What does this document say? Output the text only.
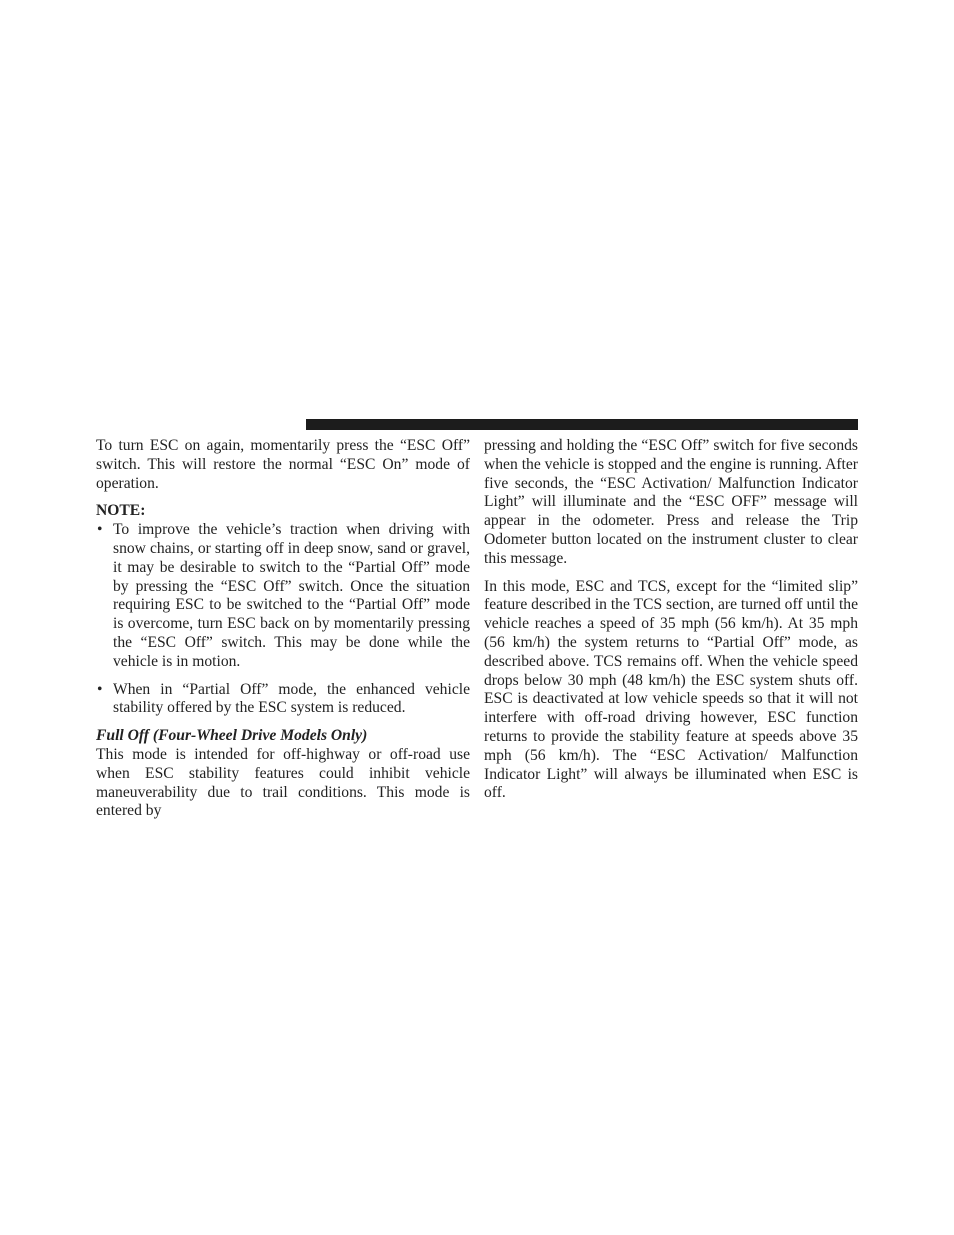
To turn ESC on again, momentarily press the “ESC Off” switch. This will restore the normal “ESC On” mode of operation.

NOTE:

• To improve the vehicle’s traction when driving with snow chains, or starting off in deep snow, sand or gravel, it may be desirable to switch to the “Partial Off” mode by pressing the “ESC Off” switch. Once the situation requiring ESC to be switched to the “Partial Off” mode is overcome, turn ESC back on by momentarily pressing the “ESC Off” switch. This may be done while the vehicle is in motion.
• When in “Partial Off” mode, the enhanced vehicle stability offered by the ESC system is reduced.

Full Off (Four-Wheel Drive Models Only)

This mode is intended for off-highway or off-road use when ESC stability features could inhibit vehicle maneuverability due to trail conditions. This mode is entered by

pressing and holding the “ESC Off” switch for five seconds when the vehicle is stopped and the engine is running. After five seconds, the “ESC Activation/ Malfunction Indicator Light” will illuminate and the “ESC OFF” message will appear in the odometer. Press and release the Trip Odometer button located on the instrument cluster to clear this message.

In this mode, ESC and TCS, except for the “limited slip” feature described in the TCS section, are turned off until the vehicle reaches a speed of 35 mph (56 km/h). At 35 mph (56 km/h) the system returns to “Partial Off” mode, as described above. TCS remains off. When the vehicle speed drops below 30 mph (48 km/h) the ESC system shuts off. ESC is deactivated at low vehicle speeds so that it will not interfere with off-road driving however, ESC function returns to provide the stability feature at speeds above 35 mph (56 km/h). The “ESC Activation/ Malfunction Indicator Light” will always be illuminated when ESC is off.
